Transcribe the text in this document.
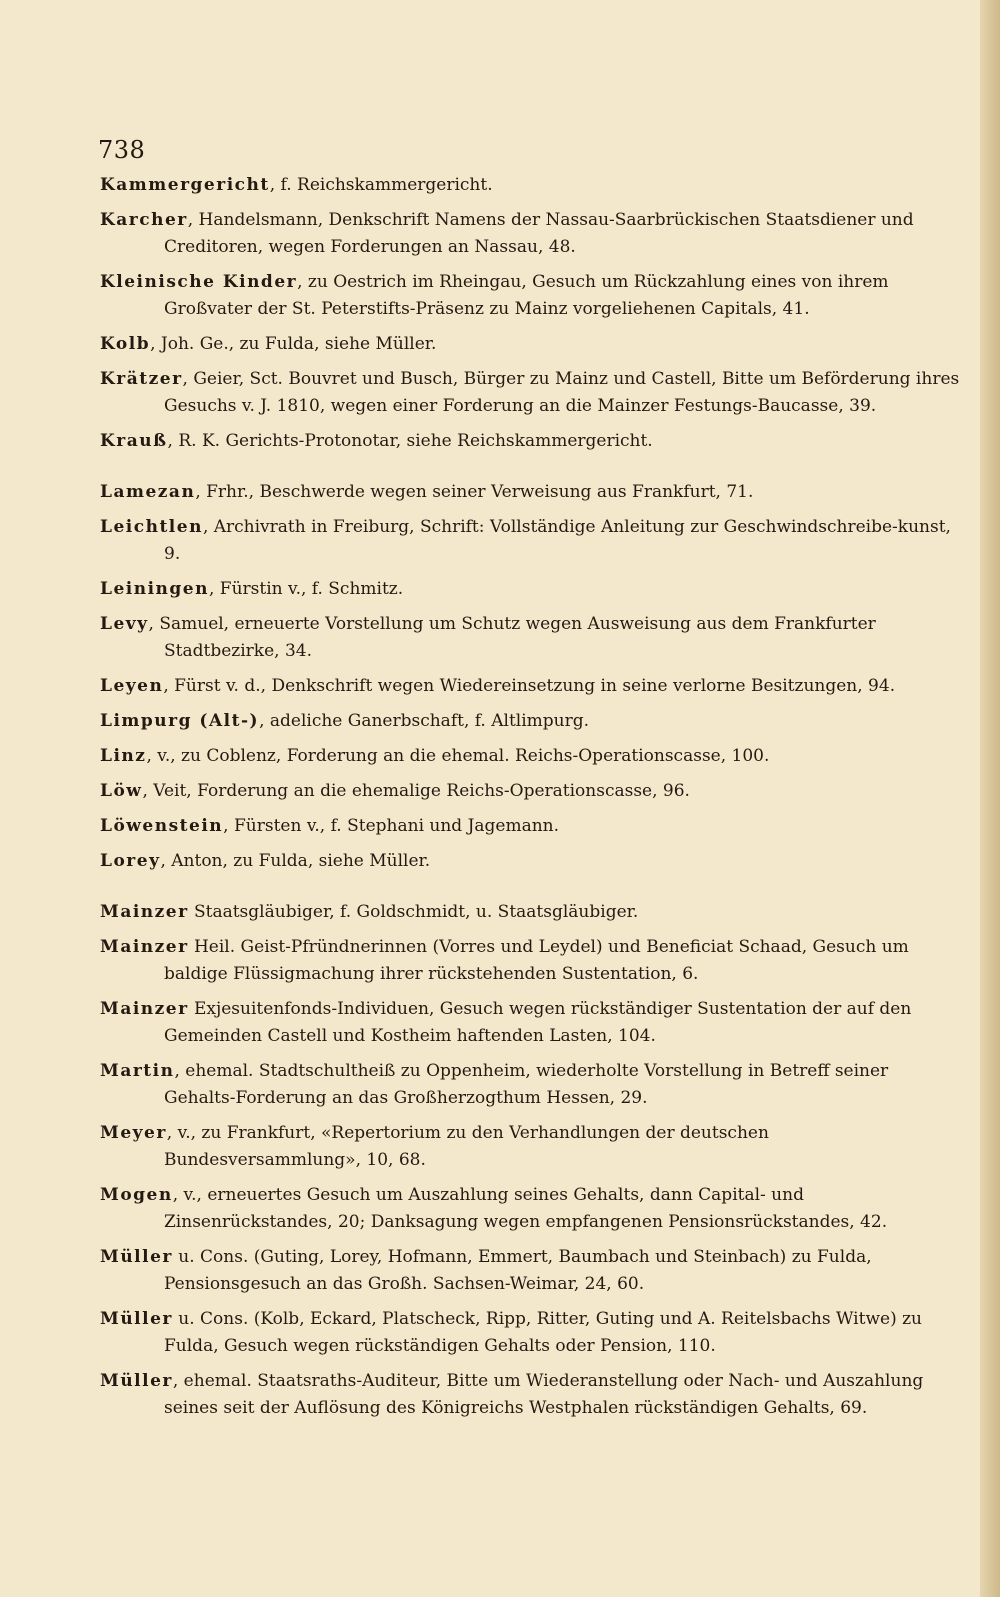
738

Kammergericht, f. Reichskammergericht.

Karcher, Handelsmann, Denkschrift Namens der Nassau-Saarbrückischen Staatsdiener und Creditoren, wegen Forderungen an Nassau, 48.

Kleinische Kinder, zu Oestrich im Rheingau, Gesuch um Rückzahlung eines von ihrem Großvater der St. Peterstifts-Präsenz zu Mainz vorgeliehenen Capitals, 41.

Kolb, Joh. Ge., zu Fulda, siehe Müller.

Krätzer, Geier, Sct. Bouvret und Busch, Bürger zu Mainz und Castell, Bitte um Beförderung ihres Gesuchs v. J. 1810, wegen einer Forderung an die Mainzer Festungs-Baucasse, 39.

Krauß, R. K. Gerichts-Protonotar, siehe Reichskammergericht.

Lamezan, Frhr., Beschwerde wegen seiner Verweisung aus Frankfurt, 71.

Leichtlen, Archivrath in Freiburg, Schrift: Vollständige Anleitung zur Geschwindschreibe-kunst, 9.

Leiningen, Fürstin v., f. Schmitz.

Levy, Samuel, erneuerte Vorstellung um Schutz wegen Ausweisung aus dem Frankfurter Stadtbezirke, 34.

Leyen, Fürst v. d., Denkschrift wegen Wiedereinsetzung in seine verlorne Besitzungen, 94.

Limpurg (Alt-), adeliche Ganerbschaft, f. Altlimpurg.

Linz, v., zu Coblenz, Forderung an die ehemal. Reichs-Operationscasse, 100.

Löw, Veit, Forderung an die ehemalige Reichs-Operationscasse, 96.

Löwenstein, Fürsten v., f. Stephani und Jagemann.

Lorey, Anton, zu Fulda, siehe Müller.

Mainzer Staatsgläubiger, f. Goldschmidt, u. Staatsgläubiger.

Mainzer Heil. Geist-Pfründnerinnen (Vorres und Leydel) und Beneficiat Schaad, Gesuch um baldige Flüssigmachung ihrer rückstehenden Sustentation, 6.

Mainzer Exjesuitenfonds-Individuen, Gesuch wegen rückständiger Sustentation der auf den Gemeinden Castell und Kostheim haftenden Lasten, 104.

Martin, ehemal. Stadtschultheiß zu Oppenheim, wiederholte Vorstellung in Betreff seiner Gehalts-Forderung an das Großherzogthum Hessen, 29.

Meyer, v., zu Frankfurt, «Repertorium zu den Verhandlungen der deutschen Bundesversammlung», 10, 68.

Mogen, v., erneuertes Gesuch um Auszahlung seines Gehalts, dann Capital- und Zinsenrückstandes, 20; Danksagung wegen empfangenen Pensionsrückstandes, 42.

Müller u. Cons. (Guting, Lorey, Hofmann, Emmert, Baumbach und Steinbach) zu Fulda, Pensionsgesuch an das Großh. Sachsen-Weimar, 24, 60.

Müller u. Cons. (Kolb, Eckard, Platscheck, Ripp, Ritter, Guting und A. Reitelsbachs Witwe) zu Fulda, Gesuch wegen rückständigen Gehalts oder Pension, 110.

Müller, ehemal. Staatsraths-Auditeur, Bitte um Wiederanstellung oder Nach- und Auszahlung seines seit der Auflösung des Königreichs Westphalen rückständigen Gehalts, 69.
